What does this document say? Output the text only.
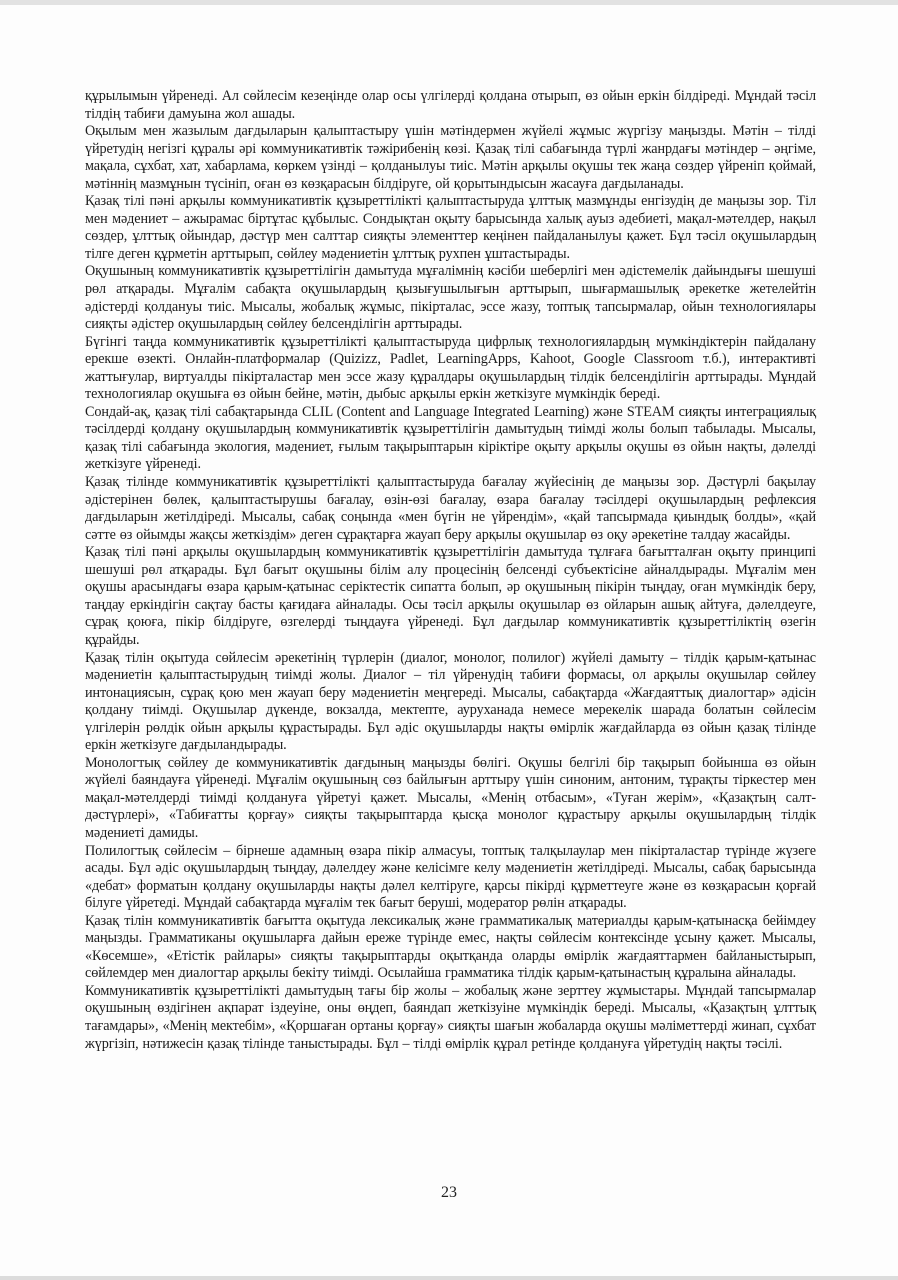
құрылымын үйренеді. Ал сөйлесім кезеңінде олар осы үлгілерді қолдана отырып, өз ойын еркін білдіреді. Мұндай тәсіл тілдің табиғи дамуына жол ашады.

Оқылым мен жазылым дағдыларын қалыптастыру үшін мәтіндермен жүйелі жұмыс жүргізу маңызды. Мәтін – тілді үйретудің негізгі құралы әрі коммуникативтік тәжірибенің көзі. Қазақ тілі сабағында түрлі жанрдағы мәтіндер – әңгіме, мақала, сұхбат, хат, хабарлама, көркем үзінді – қолданылуы тиіс. Мәтін арқылы оқушы тек жаңа сөздер үйреніп қоймай, мәтіннің мазмұнын түсініп, оған өз көзқарасын білдіруге, ой қорытындысын жасауға дағдыланады.

Қазақ тілі пәні арқылы коммуникативтік құзыреттілікті қалыптастыруда ұлттық мазмұнды енгізудің де маңызы зор. Тіл мен мәдениет – ажырамас біртұтас құбылыс. Сондықтан оқыту барысында халық ауыз әдебиеті, мақал-мәтелдер, нақыл сөздер, ұлттық ойындар, дәстүр мен салттар сияқты элементтер кеңінен пайдаланылуы қажет. Бұл тәсіл оқушылардың тілге деген құрметін арттырып, сөйлеу мәдениетін ұлттық рухпен ұштастырады.

Оқушының коммуникативтік құзыреттілігін дамытуда мұғалімнің кәсіби шеберлігі мен әдістемелік дайындығы шешуші рөл атқарады. Мұғалім сабақта оқушылардың қызығушылығын арттырып, шығармашылық әрекетке жетелейтін әдістерді қолдануы тиіс. Мысалы, жобалық жұмыс, пікірталас, эссе жазу, топтық тапсырмалар, ойын технологиялары сияқты әдістер оқушылардың сөйлеу белсенділігін арттырады.

Бүгінгі таңда коммуникативтік құзыреттілікті қалыптастыруда цифрлық технологиялардың мүмкіндіктерін пайдалану ерекше өзекті. Онлайн-платформалар (Quizizz, Padlet, LearningApps, Kahoot, Google Classroom т.б.), интерактивті жаттығулар, виртуалды пікірталастар мен эссе жазу құралдары оқушылардың тілдік белсенділігін арттырады. Мұндай технологиялар оқушыға өз ойын бейне, мәтін, дыбыс арқылы еркін жеткізуге мүмкіндік береді.

Сондай-ақ, қазақ тілі сабақтарында CLIL (Content and Language Integrated Learning) және STEAM сияқты интеграциялық тәсілдерді қолдану оқушылардың коммуникативтік құзыреттілігін дамытудың тиімді жолы болып табылады. Мысалы, қазақ тілі сабағында экология, мәдениет, ғылым тақырыптарын кіріктіре оқыту арқылы оқушы өз ойын нақты, дәлелді жеткізуге үйренеді.

Қазақ тілінде коммуникативтік құзыреттілікті қалыптастыруда бағалау жүйесінің де маңызы зор. Дәстүрлі бақылау әдістерінен бөлек, қалыптастырушы бағалау, өзін-өзі бағалау, өзара бағалау тәсілдері оқушылардың рефлексия дағдыларын жетілдіреді. Мысалы, сабақ соңында «мен бүгін не үйрендім», «қай тапсырмада қиындық болды», «қай сәтте өз ойымды жақсы жеткіздім» деген сұрақтарға жауап беру арқылы оқушылар өз оқу әрекетіне талдау жасайды.

Қазақ тілі пәні арқылы оқушылардың коммуникативтік құзыреттілігін дамытуда тұлғаға бағытталған оқыту принципі шешуші рөл атқарады. Бұл бағыт оқушыны білім алу процесінің белсенді субъектісіне айналдырады. Мұғалім мен оқушы арасындағы өзара қарым-қатынас серіктестік сипатта болып, әр оқушының пікірін тыңдау, оған мүмкіндік беру, таңдау еркіндігін сақтау басты қағидаға айналады. Осы тәсіл арқылы оқушылар өз ойларын ашық айтуға, дәлелдеуге, сұрақ қоюға, пікір білдіруге, өзгелерді тыңдауға үйренеді. Бұл дағдылар коммуникативтік құзыреттіліктің өзегін құрайды.

Қазақ тілін оқытуда сөйлесім әрекетінің түрлерін (диалог, монолог, полилог) жүйелі дамыту – тілдік қарым-қатынас мәдениетін қалыптастырудың тиімді жолы. Диалог – тіл үйренудің табиғи формасы, ол арқылы оқушылар сөйлеу интонациясын, сұрақ қою мен жауап беру мәдениетін меңгереді. Мысалы, сабақтарда «Жағдаяттық диалогтар» әдісін қолдану тиімді. Оқушылар дүкенде, вокзалда, мектепте, ауруханада немесе мерекелік шарада болатын сөйлесім үлгілерін рөлдік ойын арқылы құрастырады. Бұл әдіс оқушыларды нақты өмірлік жағдайларда өз ойын қазақ тілінде еркін жеткізуге дағдыландырады.

Монологтық сөйлеу де коммуникативтік дағдының маңызды бөлігі. Оқушы белгілі бір тақырып бойынша өз ойын жүйелі баяндауға үйренеді. Мұғалім оқушының сөз байлығын арттыру үшін синоним, антоним, тұрақты тіркестер мен мақал-мәтелдерді тиімді қолдануға үйретуі қажет. Мысалы, «Менің отбасым», «Туған жерім», «Қазақтың салт-дәстүрлері», «Табиғатты қорғау» сияқты тақырыптарда қысқа монолог құрастыру арқылы оқушылардың тілдік мәдениеті дамиды.

Полилогтық сөйлесім – бірнеше адамның өзара пікір алмасуы, топтық талқылаулар мен пікірталастар түрінде жүзеге асады. Бұл әдіс оқушылардың тыңдау, дәлелдеу және келісімге келу мәдениетін жетілдіреді. Мысалы, сабақ барысында «дебат» форматын қолдану оқушыларды нақты дәлел келтіруге, қарсы пікірді құрметтеуге және өз көзқарасын қорғай білуге үйретеді. Мұндай сабақтарда мұғалім тек бағыт беруші, модератор рөлін атқарады.

Қазақ тілін коммуникативтік бағытта оқытуда лексикалық және грамматикалық материалды қарым-қатынасқа бейімдеу маңызды. Грамматиканы оқушыларға дайын ереже түрінде емес, нақты сөйлесім контексінде ұсыну қажет. Мысалы, «Көсемше», «Етістік райлары» сияқты тақырыптарды оқытқанда оларды өмірлік жағдаяттармен байланыстырып, сөйлемдер мен диалогтар арқылы бекіту тиімді. Осылайша грамматика тілдік қарым-қатынастың құралына айналады.

Коммуникативтік құзыреттілікті дамытудың тағы бір жолы – жобалық және зерттеу жұмыстары. Мұндай тапсырмалар оқушының өздігінен ақпарат іздеуіне, оны өңдеп, баяндап жеткізуіне мүмкіндік береді. Мысалы, «Қазақтың ұлттық тағамдары», «Менің мектебім», «Қоршаған ортаны қорғау» сияқты шағын жобаларда оқушы мәліметтерді жинап, сұхбат жүргізіп, нәтижесін қазақ тілінде таныстырады. Бұл – тілді өмірлік құрал ретінде қолдануға үйретудің нақты тәсілі.

23
